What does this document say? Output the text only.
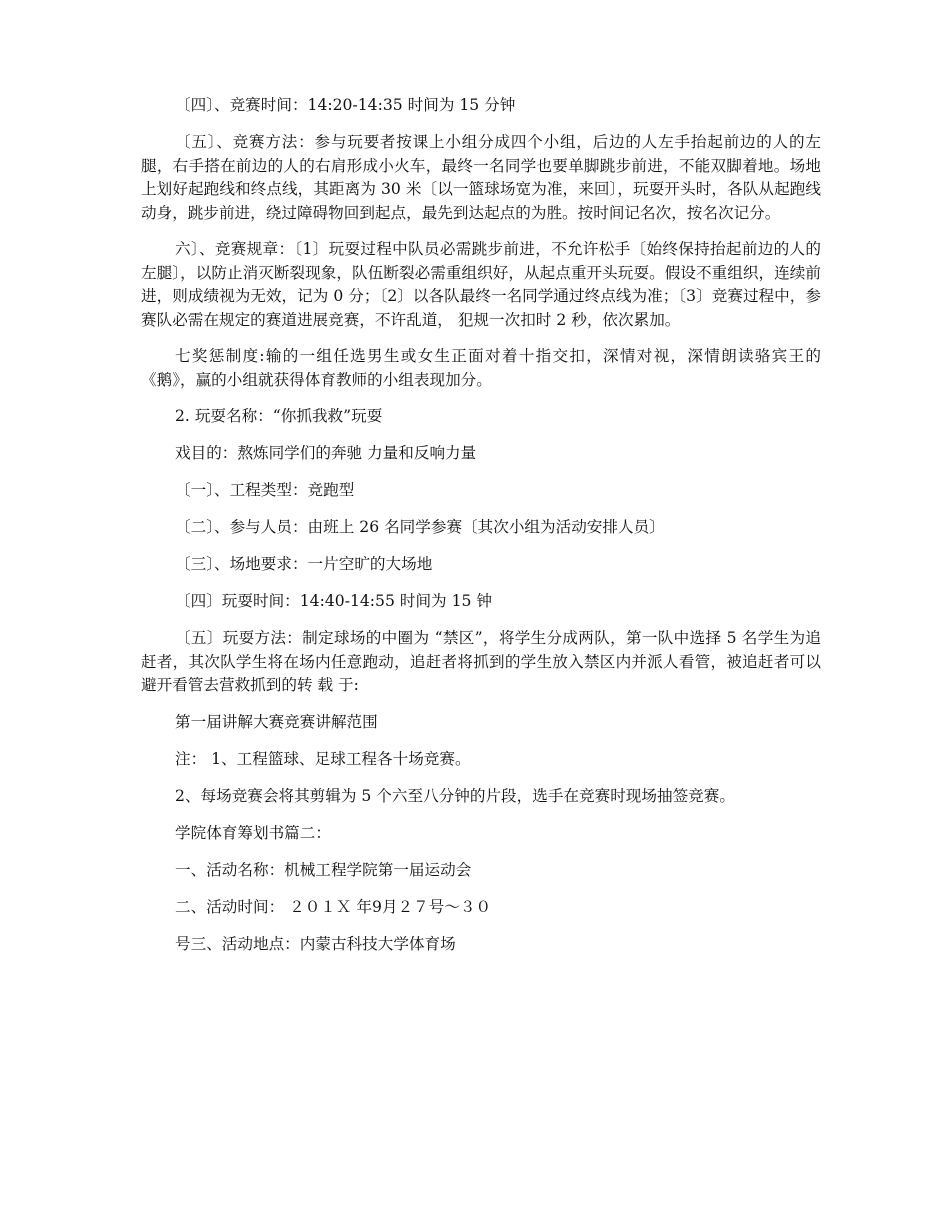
〔四〕、竞赛时间：14:20-14:35 时间为 15 分钟

〔五〕、竞赛方法：参与玩要者按课上小组分成四个小组，后边的人左手抬起前边的人的左腿，右手搭在前边的人的右肩形成小火车，最终一名同学也要单脚跳步前进，不能双脚着地。场地上划好起跑线和终点线，其距离为 30 米〔以一篮球场宽为准，来回〕，玩耍开头时，各队从起跑线动身，跳步前进，绕过障碍物回到起点，最先到达起点的为胜。按时间记名次，按名次记分。

六〕、竞赛规章：〔1〕玩耍过程中队员必需跳步前进，不允许松手〔始终保持抬起前边的人的左腿〕，以防止消灭断裂现象，队伍断裂必需重组织好，从起点重开头玩耍。假设不重组织，连续前进，则成绩视为无效，记为 0 分；〔2〕以各队最终一名同学通过终点线为准；〔3〕竞赛过程中，参赛队必需在规定的赛道进展竞赛，不许乱道， 犯规一次扣时 2 秒，依次累加。

七奖惩制度:输的一组任选男生或女生正面对着十指交扣，深情对视，深情朗读骆宾王的《鹅》，赢的小组就获得体育教师的小组表现加分。

2. 玩耍名称：“你抓我救”玩耍

戏目的：熬炼同学们的奔驰 力量和反响力量

〔一〕、工程类型：竞跑型

〔二〕、参与人员：由班上 26 名同学参赛〔其次小组为活动安排人员〕

〔三〕、场地要求：一片空旷的大场地

〔四〕玩耍时间：14:40-14:55 时间为 15 钟

〔五〕玩耍方法：制定球场的中圈为 “禁区”，将学生分成两队，第一队中选择 5 名学生为追赶者，其次队学生将在场内任意跑动，追赶者将抓到的学生放入禁区内并派人看管，被追赶者可以避开看管去营救抓到的转 载 于:

第一届讲解大赛竞赛讲解范围

注： 1、工程篮球、足球工程各十场竞赛。

2、每场竞赛会将其剪辑为 5 个六至八分钟的片段，选手在竞赛时现场抽签竞赛。

学院体育筹划书篇二：

一、活动名称：机械工程学院第一届运动会

二、活动时间： ２０１Ｘ 年9月２７号～３０

号三、活动地点：内蒙古科技大学体育场
